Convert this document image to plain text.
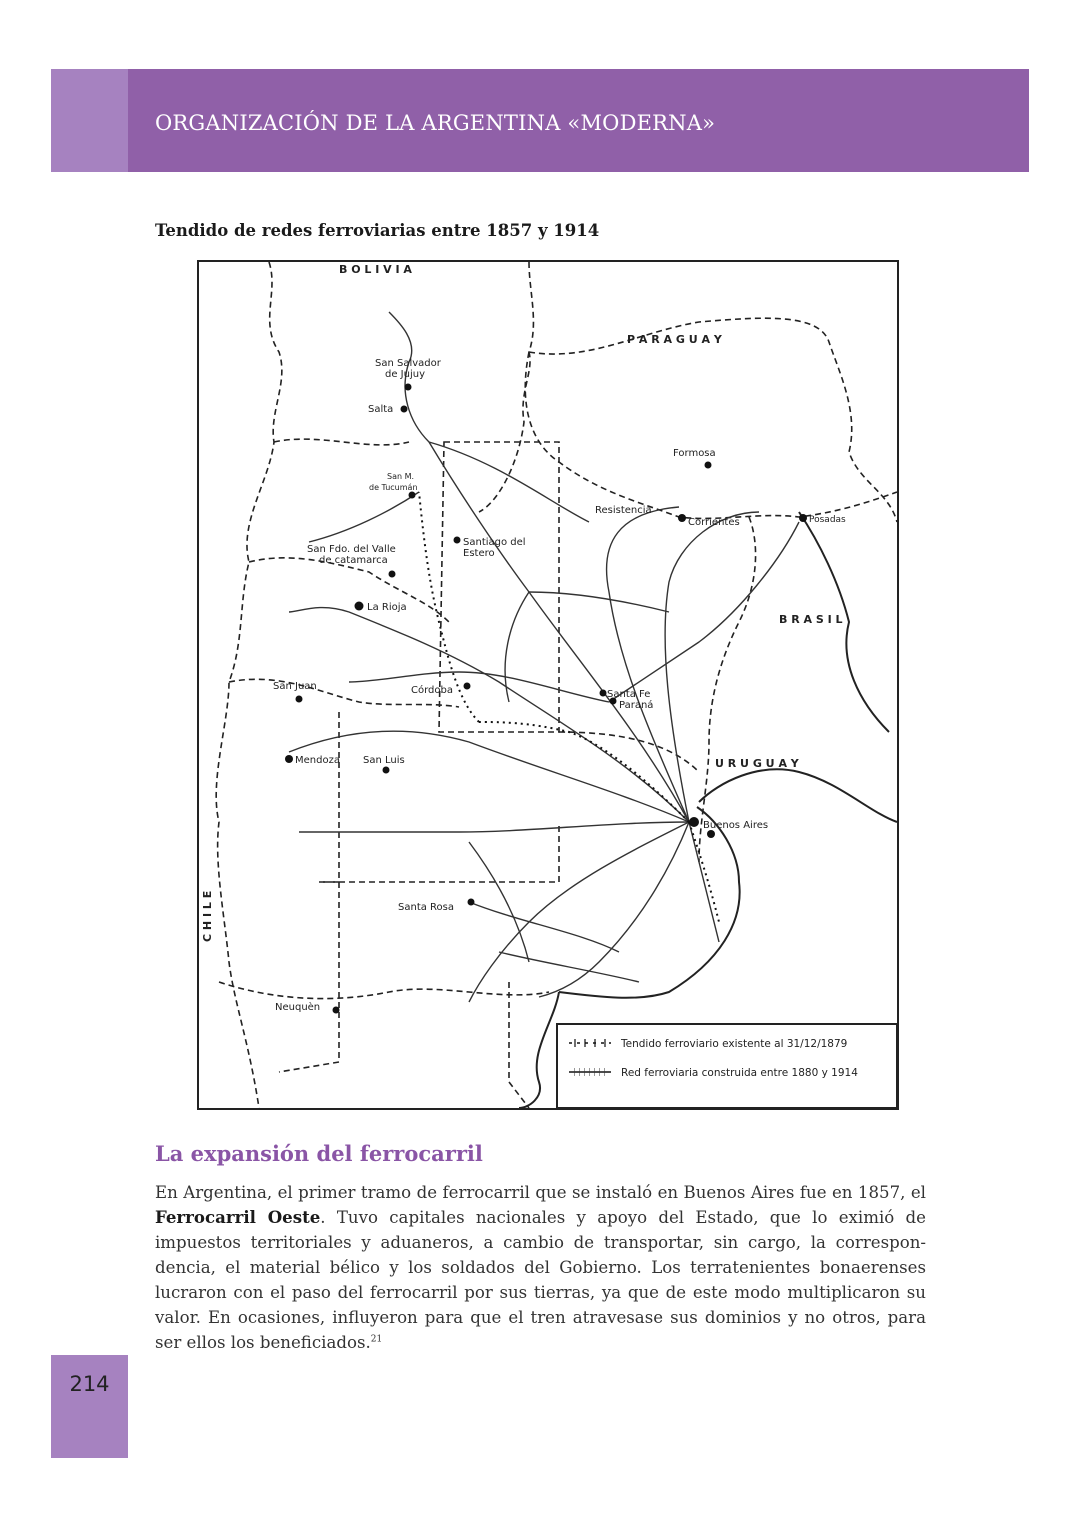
ORGANIZACIÓN DE LA ARGENTINA «MODERNA»
Tendido de redes ferroviarias entre 1857 y 1914
B O L I V I A
P A R A G U A Y
B R A S I L
U R U G U A Y
C H I L E
San Salvador
de Jujuy
Salta
San M.
de Tucumán
Santiago del
Estero
San Fdo. del Valle
de catamarca
La Rioja
Formosa
Resistencia
Corrientes	Posadas
San Juan	Córdoba	Santa Fe
Paraná
Mendoza San Luis
Buenos Aires
Santa Rosa
Neuquèn
Tendido ferroviario existente al 31/12/1879
Red ferroviaria construida entre 1880 y 1914
La expansión del ferrocarril
En Argentina, el primer tramo de ferrocarril que se instaló en Buenos Aires fue en 1857, el Ferrocarril Oeste. Tuvo capitales nacionales y apoyo del Estado, que lo eximió de impuestos territoriales y aduaneros, a cambio de transportar, sin cargo, la correspondencia, el material bélico y los soldados del Gobierno. Los terratenientes bonaerenses lucraron con el paso del ferrocarril por sus tierras, ya que de este modo multiplicaron su valor. En ocasiones, influyeron para que el tren atravesase sus dominios y no otros, para ser ellos los beneficiados.$^{21}$
214
